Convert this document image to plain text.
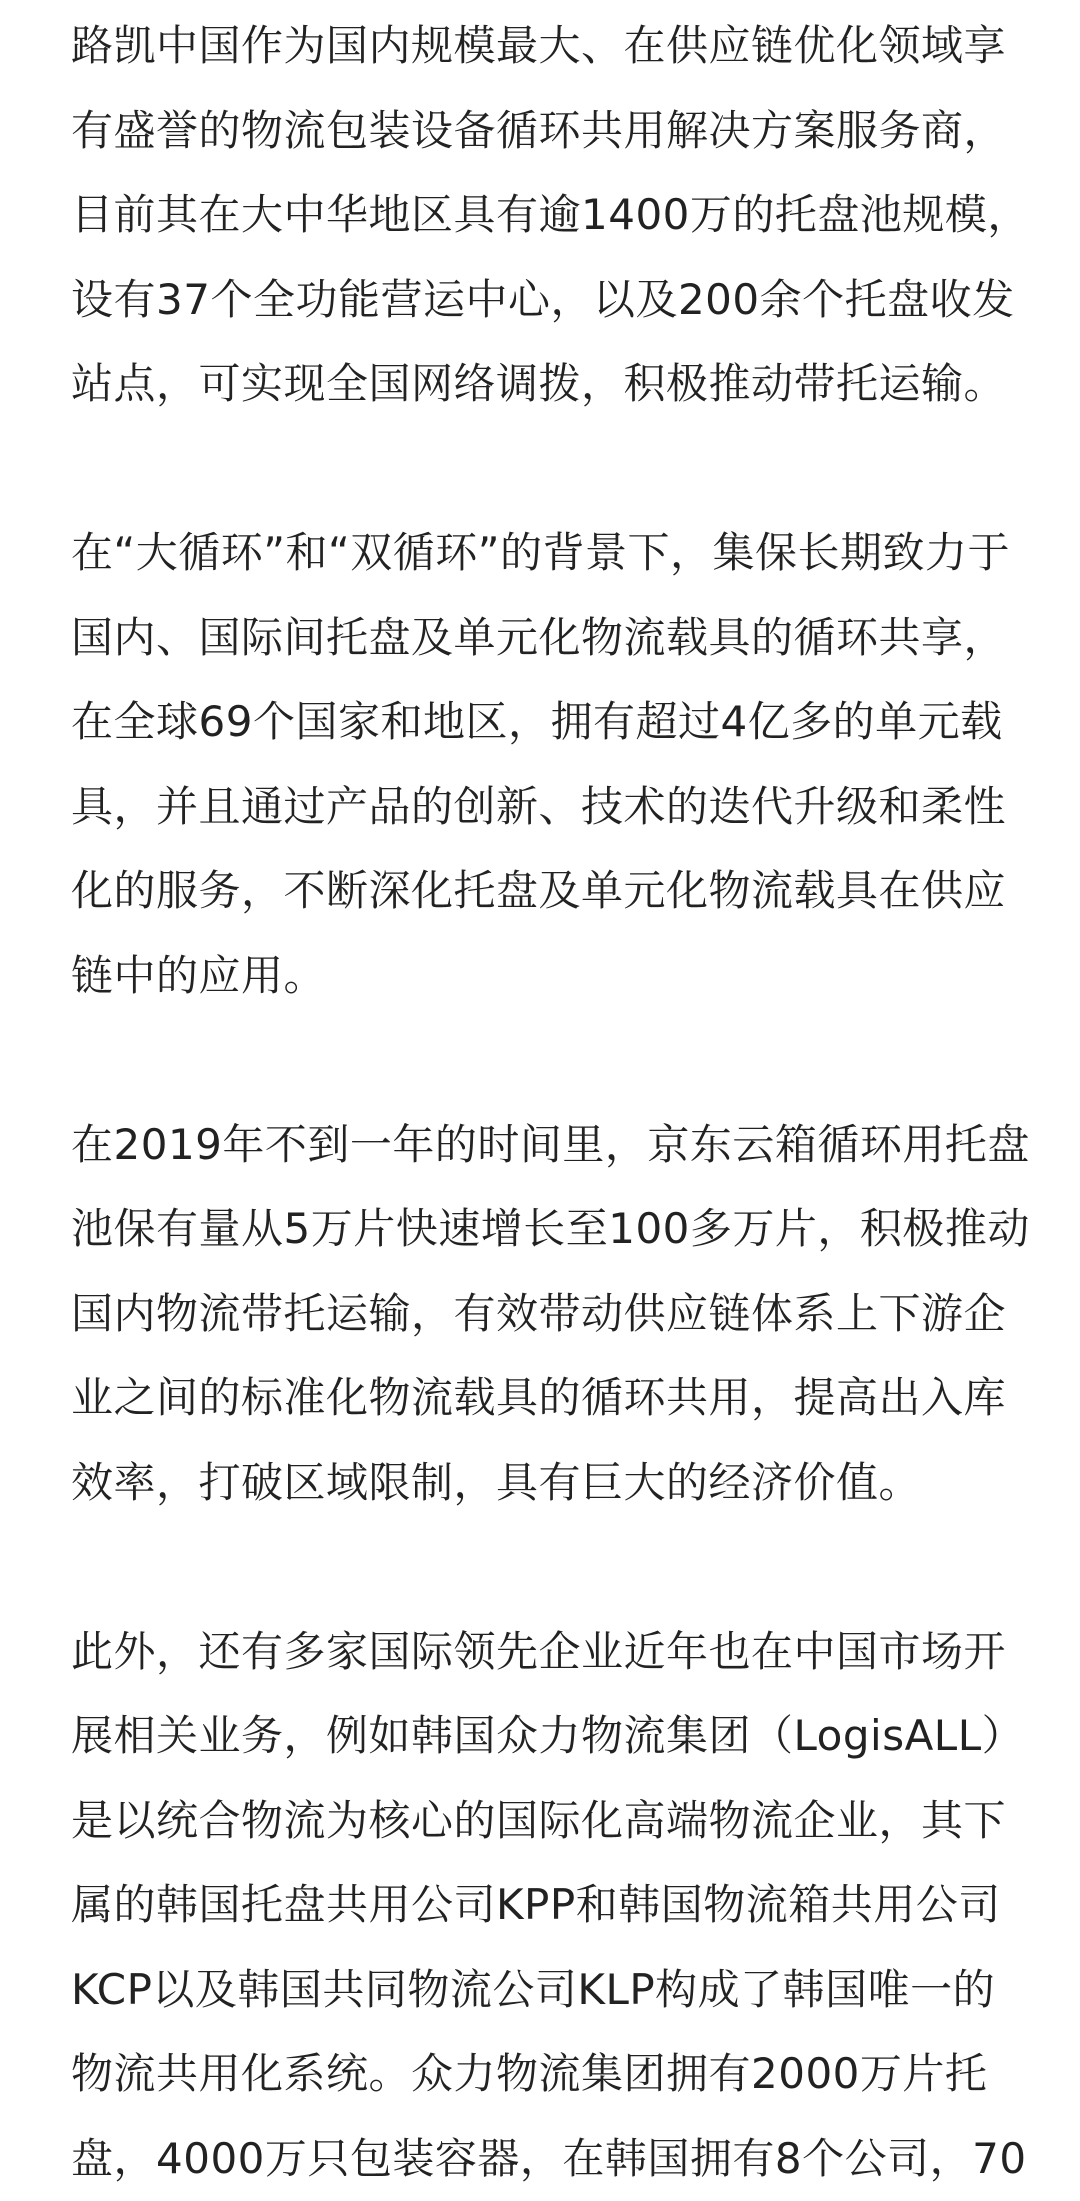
路凯中国作为国内规模最大、在供应链优化领域享
有盛誉的物流包装设备循环共用解决方案服务商，
目前其在大中华地区具有逾1400万的托盘池规模，
设有37个全功能营运中心，以及200余个托盘收发
站点，可实现全国网络调拨，积极推动带托运输。
在“大循环”和“双循环”的背景下，集保长期致力于
国内、国际间托盘及单元化物流载具的循环共享，
在全球69个国家和地区，拥有超过4亿多的单元载
具，并且通过产品的创新、技术的迭代升级和柔性
化的服务，不断深化托盘及单元化物流载具在供应
链中的应用。
在2019年不到一年的时间里，京东云箱循环用托盘
池保有量从5万片快速增长至100多万片，积极推动
国内物流带托运输，有效带动供应链体系上下游企
业之间的标准化物流载具的循环共用，提高出入库
效率，打破区域限制，具有巨大的经济价值。
此外，还有多家国际领先企业近年也在中国市场开
展相关业务，例如韩国众力物流集团（LogisALL）
是以统合物流为核心的国际化高端物流企业，其下
属的韩国托盘共用公司KPP和韩国物流箱共用公司
KCP以及韩国共同物流公司KLP构成了韩国唯一的
物流共用化系统。众力物流集团拥有2000万片托
盘，4000万只包装容器，在韩国拥有8个公司，70
